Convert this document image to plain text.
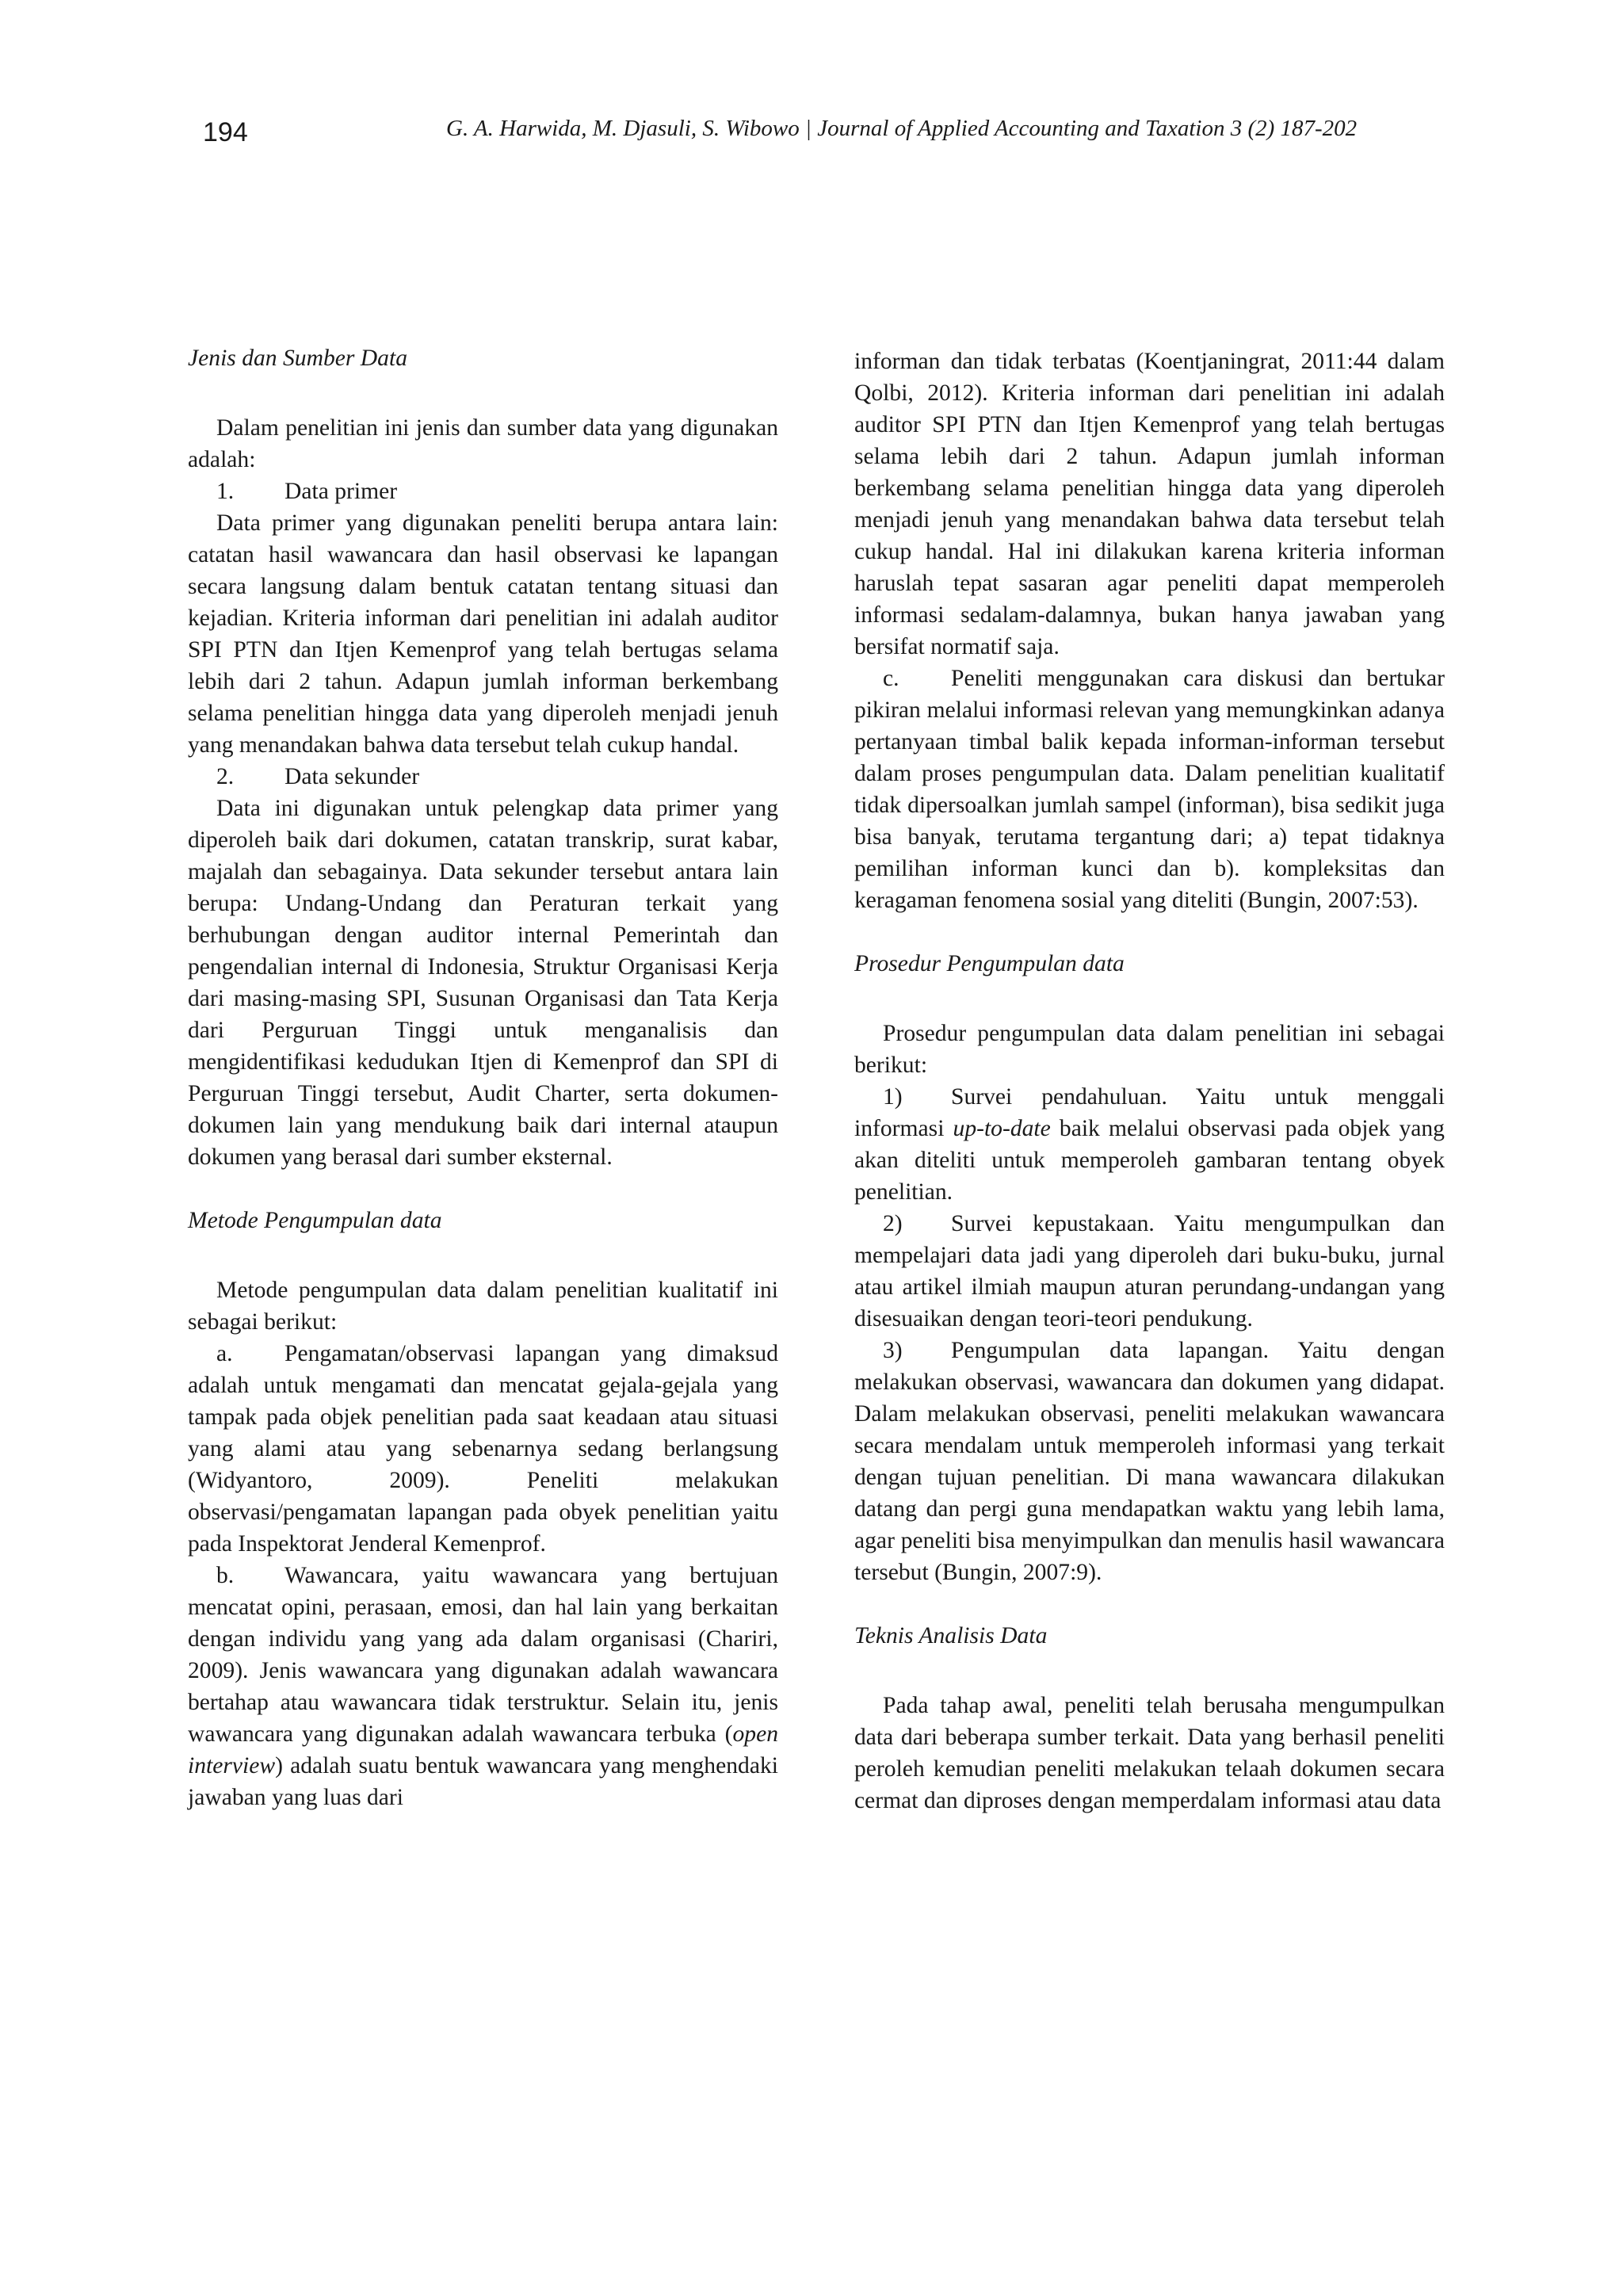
194	G. A. Harwida, M. Djasuli, S. Wibowo | Journal of Applied Accounting and Taxation 3 (2) 187-202

Jenis dan Sumber Data

Dalam penelitian ini jenis dan sumber data yang digunakan adalah:

1. Data primer

Data primer yang digunakan peneliti berupa antara lain: catatan hasil wawancara dan hasil observasi ke lapangan secara langsung dalam bentuk catatan tentang situasi dan kejadian. Kriteria informan dari penelitian ini adalah auditor SPI PTN dan Itjen Kemenprof yang telah bertugas selama lebih dari 2 tahun. Adapun jumlah informan berkembang selama penelitian hingga data yang diperoleh menjadi jenuh yang menandakan bahwa data tersebut telah cukup handal.

2. Data sekunder

Data ini digunakan untuk pelengkap data primer yang diperoleh baik dari dokumen, catatan transkrip, surat kabar, majalah dan sebagainya. Data sekunder tersebut antara lain berupa: Undang-Undang dan Peraturan terkait yang berhubungan dengan auditor internal Pemerintah dan pengendalian internal di Indonesia, Struktur Organisasi Kerja dari masing-masing SPI, Susunan Organisasi dan Tata Kerja dari Perguruan Tinggi untuk menganalisis dan mengidentifikasi kedudukan Itjen di Kemenprof dan SPI di Perguruan Tinggi tersebut, Audit Charter, serta dokumen-dokumen lain yang mendukung baik dari internal ataupun dokumen yang berasal dari sumber eksternal.

Metode Pengumpulan data

Metode pengumpulan data dalam penelitian kualitatif ini sebagai berikut:

a. Pengamatan/observasi lapangan yang dimaksud adalah untuk mengamati dan mencatat gejala-gejala yang tampak pada objek penelitian pada saat keadaan atau situasi yang alami atau yang sebenarnya sedang berlangsung (Widyantoro, 2009). Peneliti melakukan observasi/pengamatan lapangan pada obyek penelitian yaitu pada Inspektorat Jenderal Kemenprof.

b. Wawancara, yaitu wawancara yang bertujuan mencatat opini, perasaan, emosi, dan hal lain yang berkaitan dengan individu yang yang ada dalam organisasi (Chariri, 2009). Jenis wawancara yang digunakan adalah wawancara bertahap atau wawancara tidak terstruktur. Selain itu, jenis wawancara yang digunakan adalah wawancara terbuka (open interview) adalah suatu bentuk wawancara yang menghendaki jawaban yang luas dari

informan dan tidak terbatas (Koentjaningrat, 2011:44 dalam Qolbi, 2012). Kriteria informan dari penelitian ini adalah auditor SPI PTN dan Itjen Kemenprof yang telah bertugas selama lebih dari 2 tahun. Adapun jumlah informan berkembang selama penelitian hingga data yang diperoleh menjadi jenuh yang menandakan bahwa data tersebut telah cukup handal. Hal ini dilakukan karena kriteria informan haruslah tepat sasaran agar peneliti dapat memperoleh informasi sedalam-dalamnya, bukan hanya jawaban yang bersifat normatif saja.

c. Peneliti menggunakan cara diskusi dan bertukar pikiran melalui informasi relevan yang memungkinkan adanya pertanyaan timbal balik kepada informan-informan tersebut dalam proses pengumpulan data. Dalam penelitian kualitatif tidak dipersoalkan jumlah sampel (informan), bisa sedikit juga bisa banyak, terutama tergantung dari; a) tepat tidaknya pemilihan informan kunci dan b). kompleksitas dan keragaman fenomena sosial yang diteliti (Bungin, 2007:53).

Prosedur Pengumpulan data

Prosedur pengumpulan data dalam penelitian ini sebagai berikut:

1) Survei pendahuluan. Yaitu untuk menggali informasi up-to-date baik melalui observasi pada objek yang akan diteliti untuk memperoleh gambaran tentang obyek penelitian.

2) Survei kepustakaan. Yaitu mengumpulkan dan mempelajari data jadi yang diperoleh dari buku-buku, jurnal atau artikel ilmiah maupun aturan perundang-undangan yang disesuaikan dengan teori-teori pendukung.

3) Pengumpulan data lapangan. Yaitu dengan melakukan observasi, wawancara dan dokumen yang didapat. Dalam melakukan observasi, peneliti melakukan wawancara secara mendalam untuk memperoleh informasi yang terkait dengan tujuan penelitian. Di mana wawancara dilakukan datang dan pergi guna mendapatkan waktu yang lebih lama, agar peneliti bisa menyimpulkan dan menulis hasil wawancara tersebut (Bungin, 2007:9).

Teknis Analisis Data

Pada tahap awal, peneliti telah berusaha mengumpulkan data dari beberapa sumber terkait. Data yang berhasil peneliti peroleh kemudian peneliti melakukan telaah dokumen secara cermat dan diproses dengan memperdalam informasi atau data
